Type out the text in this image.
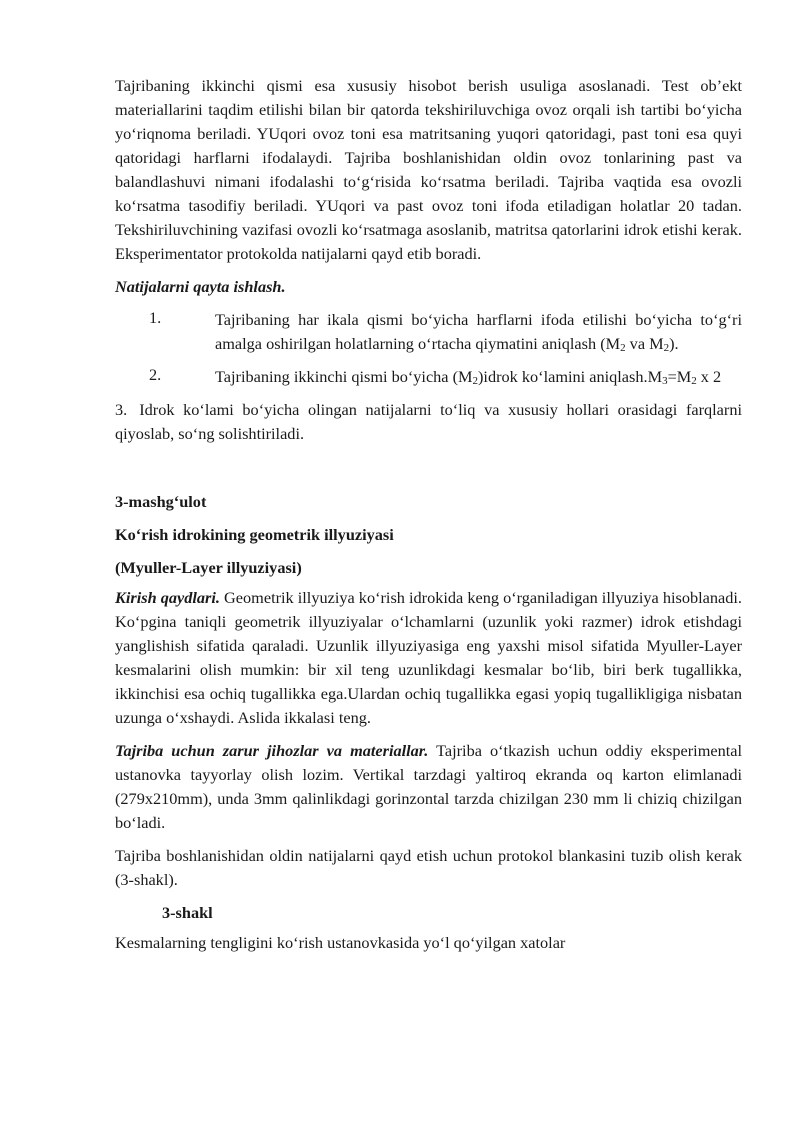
Tajribaning ikkinchi qismi esa xususiy hisobot berish usuliga asoslanadi. Test ob’ekt materiallarini taqdim etilishi bilan bir qatorda tekshiriluvchiga ovoz orqali ish tartibi bo‘yicha yo‘riqnoma beriladi. YUqori ovoz toni esa matritsaning yuqori qatoridagi, past toni esa quyi qatoridagi harflarni ifodalaydi. Tajriba boshlanishidan oldin ovoz tonlarining past va balandlashuvi nimani ifodalashi to‘g‘risida ko‘rsatma beriladi. Tajriba vaqtida esa ovozli ko‘rsatma tasodifiy beriladi. YUqori va past ovoz toni ifoda etiladigan holatlar 20 tadan. Tekshiriluvchining vazifasi ovozli ko‘rsatmaga asoslanib, matritsa qatorlarini idrok etishi kerak. Eksperimentator protokolda natijalarni qayd etib boradi.

Natijalarni qayta ishlash.

1.	Tajribaning har ikala qismi bo‘yicha harflarni ifoda etilishi bo‘yicha to‘g‘ri amalga oshirilgan holatlarning o‘rtacha qiymatini aniqlash ($M_2$ va $M_2$).
2.	Tajribaning ikkinchi qismi bo‘yicha $(M_2)idrok$ ko‘lamini $aniqlash.M_3=M_2$ x 2

3. Idrok ko‘lami bo‘yicha olingan natijalarni to‘liq va xususiy hollari orasidagi farqlarni qiyoslab, so‘ng solishtiriladi.

3-mashg‘ulot

Ko‘rish idrokining geometrik illyuziyasi

(Myuller-Layer illyuziyasi)

Kirish qaydlari. Geometrik illyuziya ko‘rish idrokida keng o‘rganiladigan illyuziya hisoblanadi. Ko‘pgina taniqli geometrik illyuziyalar o‘lchamlarni (uzunlik yoki razmer) idrok etishdagi yanglishish sifatida qaraladi. Uzunlik illyuziyasiga eng yaxshi misol sifatida Myuller-Layer kesmalarini olish mumkin: bir xil teng uzunlikdagi kesmalar bo‘lib, biri berk tugallikka, ikkinchisi esa ochiq tugallikka ega.Ulardan ochiq tugallikka egasi yopiq tugallikligiga nisbatan uzunga o‘xshaydi. Aslida ikkalasi teng.

Tajriba uchun zarur jihozlar va materiallar. Tajriba o‘tkazish uchun oddiy eksperimental ustanovka tayyorlay olish lozim. Vertikal tarzdagi yaltiroq ekranda oq karton elimlanadi (279x210mm), unda 3mm qalinlikdagi gorinzontal tarzda chizilgan 230 mm li chiziq chizilgan bo‘ladi.

Tajriba boshlanishidan oldin natijalarni qayd etish uchun protokol blankasini tuzib olish kerak (3-shakl).

3-shakl

Kesmalarning tengligini ko‘rish ustanovkasida yo‘l qo‘yilgan xatolar
